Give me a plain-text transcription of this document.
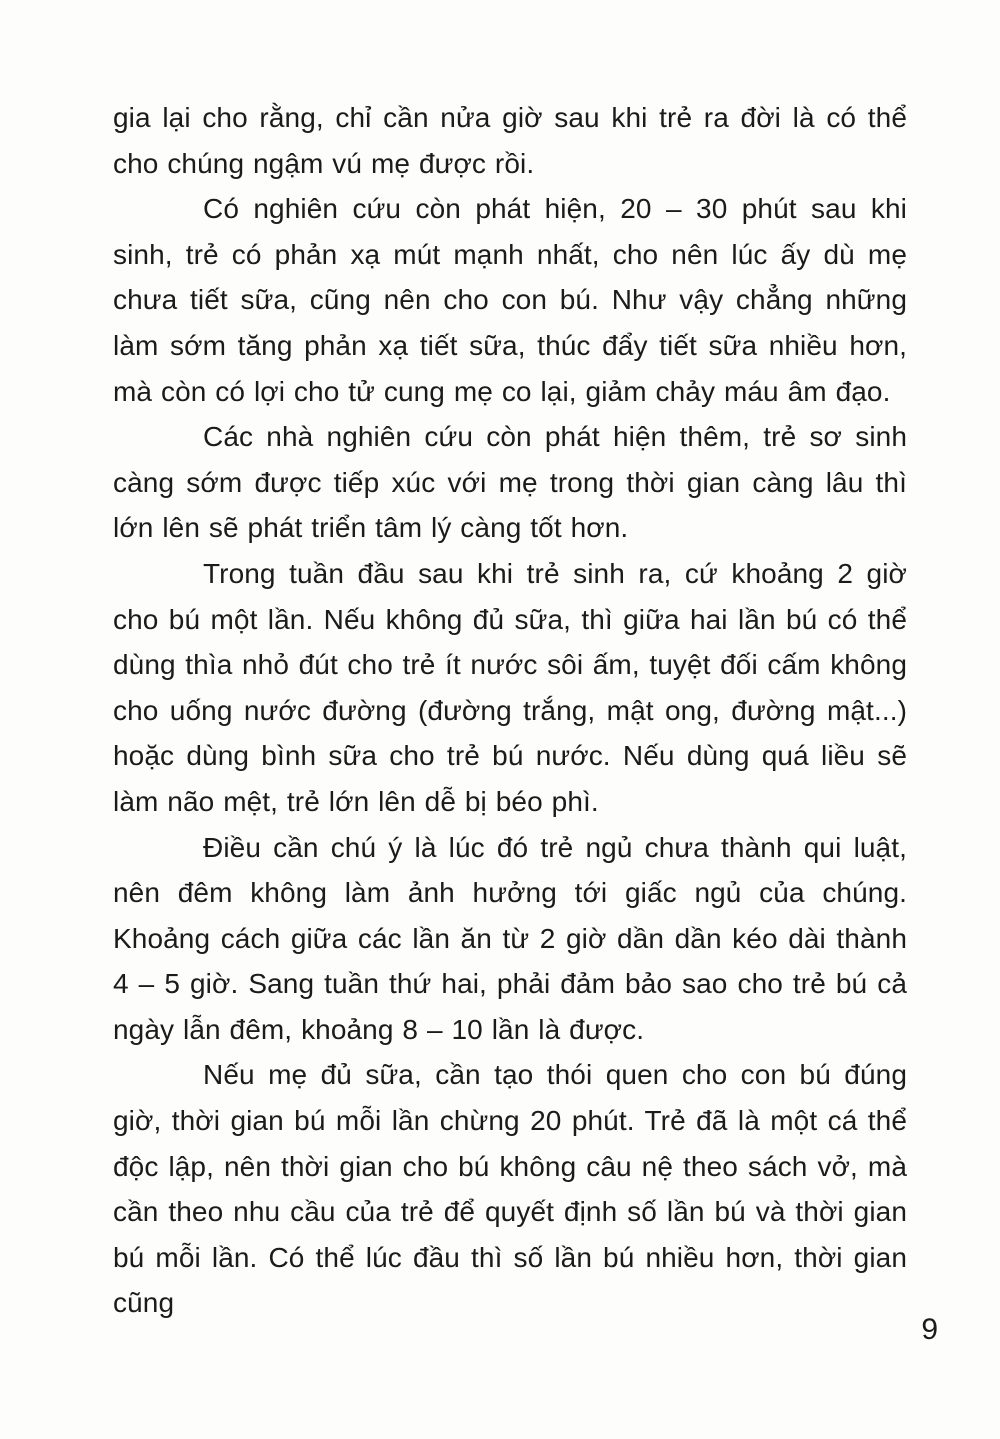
gia lại cho rằng, chỉ cần nửa giờ sau khi trẻ ra đời là có thể cho chúng ngậm vú mẹ được rồi.

Có nghiên cứu còn phát hiện, 20 – 30 phút sau khi sinh, trẻ có phản xạ mút mạnh nhất, cho nên lúc ấy dù mẹ chưa tiết sữa, cũng nên cho con bú. Như vậy chẳng những làm sớm tăng phản xạ tiết sữa, thúc đẩy tiết sữa nhiều hơn, mà còn có lợi cho tử cung mẹ co lại, giảm chảy máu âm đạo.

Các nhà nghiên cứu còn phát hiện thêm, trẻ sơ sinh càng sớm được tiếp xúc với mẹ trong thời gian càng lâu thì lớn lên sẽ phát triển tâm lý càng tốt hơn.

Trong tuần đầu sau khi trẻ sinh ra, cứ khoảng 2 giờ cho bú một lần. Nếu không đủ sữa, thì giữa hai lần bú có thể dùng thìa nhỏ đút cho trẻ ít nước sôi ấm, tuyệt đối cấm không cho uống nước đường (đường trắng, mật ong, đường mật...) hoặc dùng bình sữa cho trẻ bú nước. Nếu dùng quá liều sẽ làm não mệt, trẻ lớn lên dễ bị béo phì.

Điều cần chú ý là lúc đó trẻ ngủ chưa thành qui luật, nên đêm không làm ảnh hưởng tới giấc ngủ của chúng. Khoảng cách giữa các lần ăn từ 2 giờ dần dần kéo dài thành 4 – 5 giờ. Sang tuần thứ hai, phải đảm bảo sao cho trẻ bú cả ngày lẫn đêm, khoảng 8 – 10 lần là được.

Nếu mẹ đủ sữa, cần tạo thói quen cho con bú đúng giờ, thời gian bú mỗi lần chừng 20 phút. Trẻ đã là một cá thể độc lập, nên thời gian cho bú không câu nệ theo sách vở, mà cần theo nhu cầu của trẻ để quyết định số lần bú và thời gian bú mỗi lần. Có thể lúc đầu thì số lần bú nhiều hơn, thời gian cũng

9
